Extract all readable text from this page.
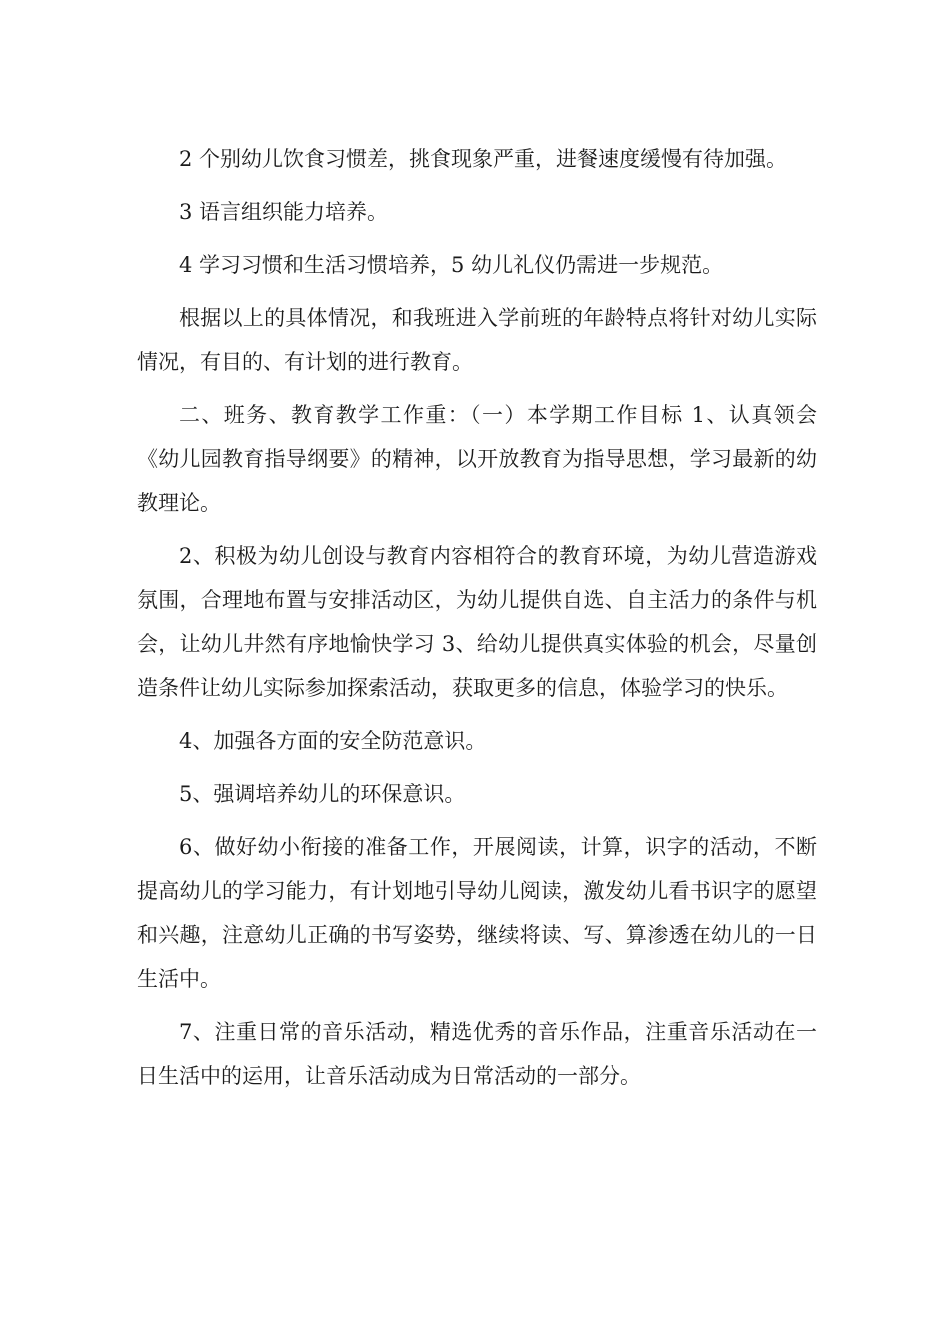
2 个别幼儿饮食习惯差，挑食现象严重，进餐速度缓慢有待加强。

3 语言组织能力培养。

4 学习习惯和生活习惯培养，5 幼儿礼仪仍需进一步规范。

根据以上的具体情况，和我班进入学前班的年龄特点将针对幼儿实际情况，有目的、有计划的进行教育。

二、班务、教育教学工作重：（一）本学期工作目标 1、认真领会《幼儿园教育指导纲要》的精神，以开放教育为指导思想，学习最新的幼教理论。

2、积极为幼儿创设与教育内容相符合的教育环境，为幼儿营造游戏氛围，合理地布置与安排活动区，为幼儿提供自选、自主活力的条件与机会，让幼儿井然有序地愉快学习 3、给幼儿提供真实体验的机会，尽量创造条件让幼儿实际参加探索活动，获取更多的信息，体验学习的快乐。

4、加强各方面的安全防范意识。

5、强调培养幼儿的环保意识。

6、做好幼小衔接的准备工作，开展阅读，计算，识字的活动，不断提高幼儿的学习能力，有计划地引导幼儿阅读，激发幼儿看书识字的愿望和兴趣，注意幼儿正确的书写姿势，继续将读、写、算渗透在幼儿的一日生活中。

7、注重日常的音乐活动，精选优秀的音乐作品，注重音乐活动在一日生活中的运用，让音乐活动成为日常活动的一部分。
